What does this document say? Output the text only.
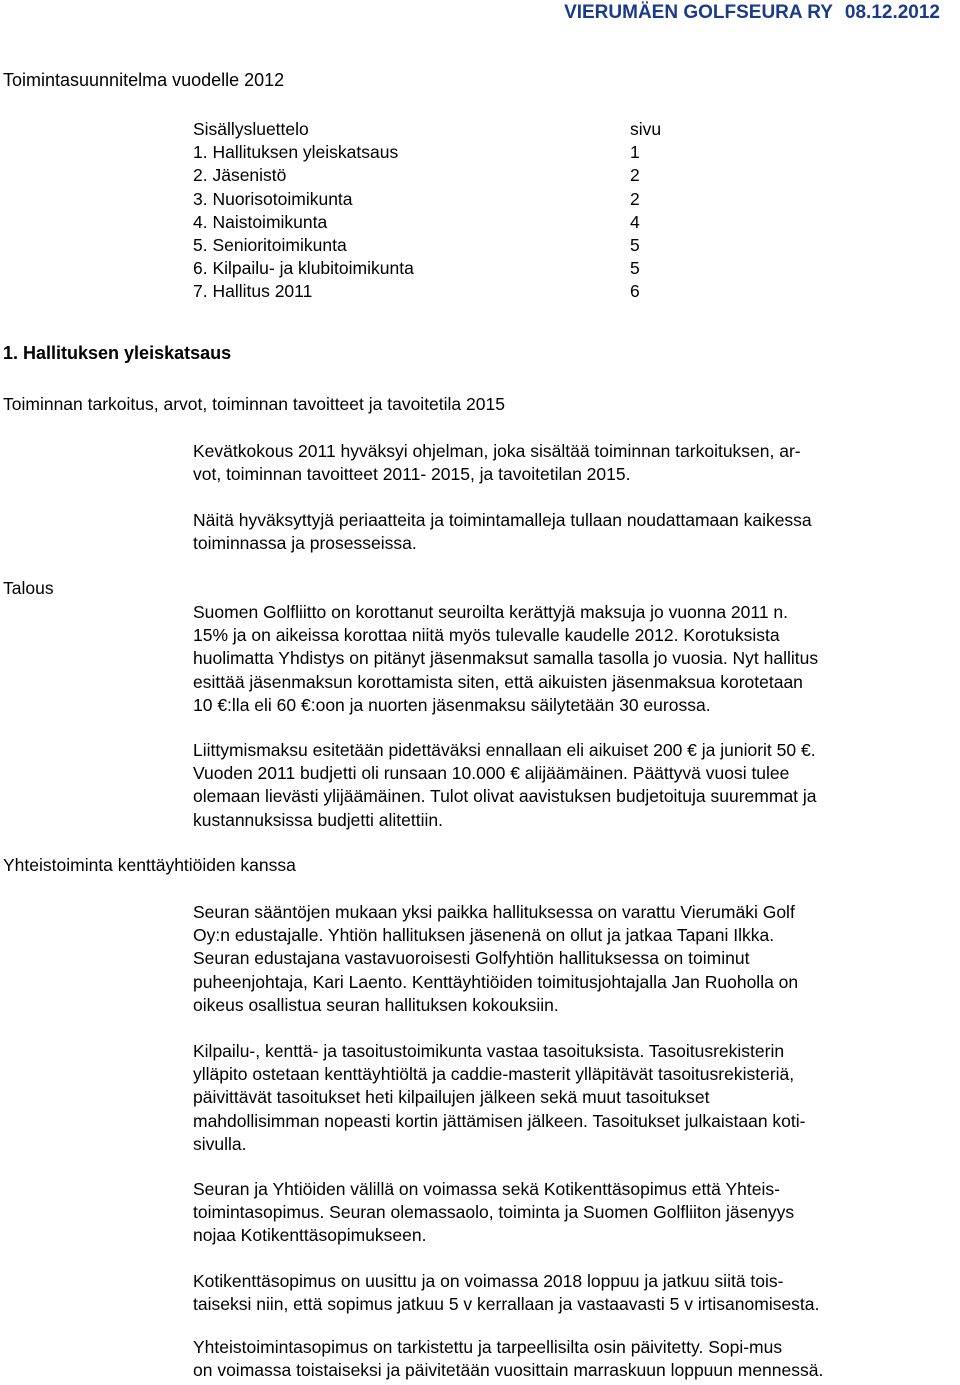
VIERUMÄEN GOLFSEURA RY 08.12.2012
Toimintasuunnitelma vuodelle 2012
Sisällysluettelo	sivu
1. Hallituksen yleiskatsaus	1
2. Jäsenistö	2
3. Nuorisotoimikunta	2
4. Naistoimikunta	4
5. Senioritoimikunta	5
6. Kilpailu- ja klubitoimikunta	5
7. Hallitus 2011	6
1. Hallituksen yleiskatsaus
Toiminnan tarkoitus, arvot, toiminnan tavoitteet ja tavoitetila 2015
Talous
Yhteistoiminta kenttäyhtiöiden kanssa
Kevätkokous 2011 hyväksyi ohjelman, joka sisältää toiminnan tarkoituksen, ar-
vot, toiminnan tavoitteet 2011- 2015, ja tavoitetilan 2015.
Näitä hyväksyttyjä periaatteita ja toimintamalleja tullaan noudattamaan kaikessa
toiminnassa ja prosesseissa.
Suomen Golfliitto on korottanut seuroilta kerättyjä maksuja jo vuonna 2011 n.
15% ja on aikeissa korottaa niitä myös tulevalle kaudelle 2012. Korotuksista
huolimatta Yhdistys on pitänyt jäsenmaksut samalla tasolla jo vuosia. Nyt hallitus
esittää jäsenmaksun korottamista siten, että aikuisten jäsenmaksua korotetaan
10 €:lla eli 60 €:oon ja nuorten jäsenmaksu säilytetään 30 eurossa.
Liittymismaksu esitetään pidettäväksi ennallaan eli aikuiset 200 € ja juniorit 50 €.
Vuoden 2011 budjetti oli runsaan 10.000 € alijäämäinen. Päättyvä vuosi tulee
olemaan lievästi ylijäämäinen. Tulot olivat aavistuksen budjetoituja suuremmat ja
kustannuksissa budjetti alitettiin.
Seuran sääntöjen mukaan yksi paikka hallituksessa on varattu Vierumäki Golf
Oy:n edustajalle. Yhtiön hallituksen jäsenenä on ollut ja jatkaa Tapani Ilkka.
Seuran edustajana vastavuoroisesti Golfyhtiön hallituksessa on toiminut
puheenjohtaja, Kari Laento. Kenttäyhtiöiden toimitusjohtajalla Jan Ruoholla on
oikeus osallistua seuran hallituksen kokouksiin.
Kilpailu-, kenttä- ja tasoitustoimikunta vastaa tasoituksista. Tasoitusrekisterin
ylläpito ostetaan kenttäyhtiöltä ja caddie-masterit ylläpitävät tasoitusrekisteriä,
päivittävät tasoitukset heti kilpailujen jälkeen sekä muut tasoitukset
mahdollisimman nopeasti kortin jättämisen jälkeen. Tasoitukset julkaistaan koti-
sivulla.
Seuran ja Yhtiöiden välillä on voimassa sekä Kotikenttäsopimus että Yhteis-
toimintasopimus. Seuran olemassaolo, toiminta ja Suomen Golfliiton jäsenyys
nojaa Kotikenttäsopimukseen.
Kotikenttäsopimus on uusittu ja on voimassa 2018 loppuu ja jatkuu siitä tois-
taiseksi niin, että sopimus jatkuu 5 v kerrallaan ja vastaavasti 5 v irtisanomisesta.
Yhteistoimintasopimus on tarkistettu ja tarpeellisilta osin päivitetty. Sopi-mus
on voimassa toistaiseksi ja päivitetään vuosittain marraskuun loppuun mennessä.
